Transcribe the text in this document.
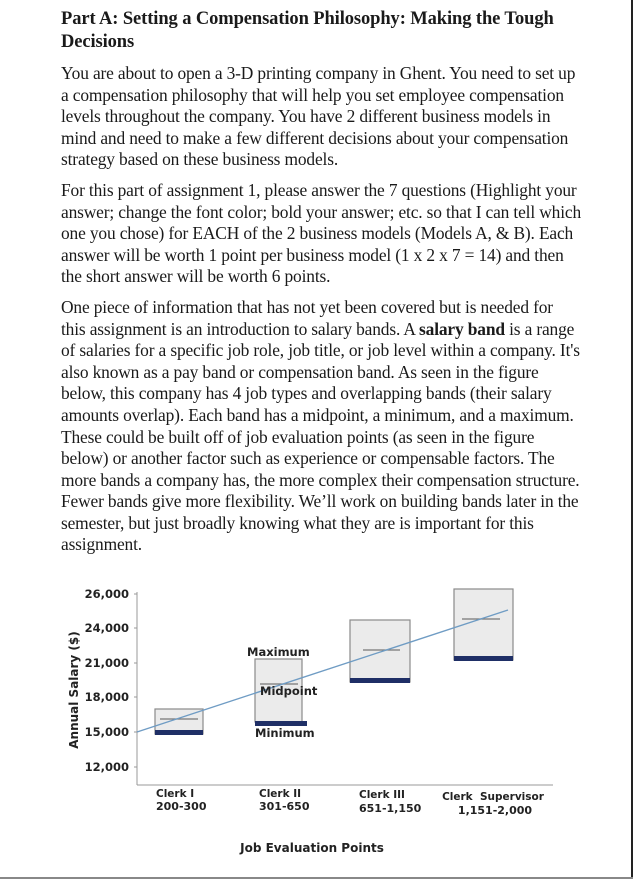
Part A: Setting a Compensation Philosophy: Making the Tough Decisions

You are about to open a 3-D printing company in Ghent. You need to set up a compensation philosophy that will help you set employee compensation levels throughout the company. You have 2 different business models in mind and need to make a few different decisions about your compensation strategy based on these business models.

For this part of assignment 1, please answer the 7 questions (Highlight your answer; change the font color; bold your answer; etc. so that I can tell which one you chose) for EACH of the 2 business models (Models A, & B). Each answer will be worth 1 point per business model (1 x 2 x 7 = 14) and then the short answer will be worth 6 points.

One piece of information that has not yet been covered but is needed for this assignment is an introduction to salary bands. A salary band is a range of salaries for a specific job role, job title, or job level within a company. It's also known as a pay band or compensation band. As seen in the figure below, this company has 4 job types and overlapping bands (their salary amounts overlap). Each band has a midpoint, a minimum, and a maximum. These could be built off of job evaluation points (as seen in the figure below) or another factor such as experience or compensable factors. The more bands a company has, the more complex their compensation structure. Fewer bands give more flexibility. We’ll work on building bands later in the semester, but just broadly knowing what they are is important for this assignment.

Annual Salary ($)
26,000
24,000
21,000
18,000
15,000
12,000
Maximum
Midpoint
Minimum
Clerk I
200-300
Clerk II
301-650
Clerk III
651-1,150
Clerk  Supervisor
1,151-2,000
Job Evaluation Points
